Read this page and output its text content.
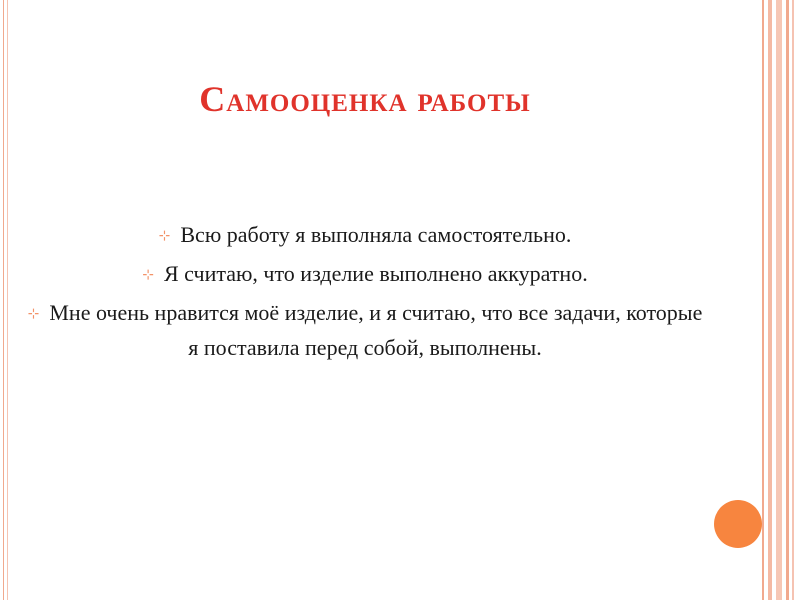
Самооценка работы
⊹ Всю работу я выполняла самостоятельно.
⊹ Я считаю, что изделие выполнено аккуратно.
⊹ Мне очень нравится моё изделие, и я считаю, что все задачи, которые я поставила перед собой, выполнены.
